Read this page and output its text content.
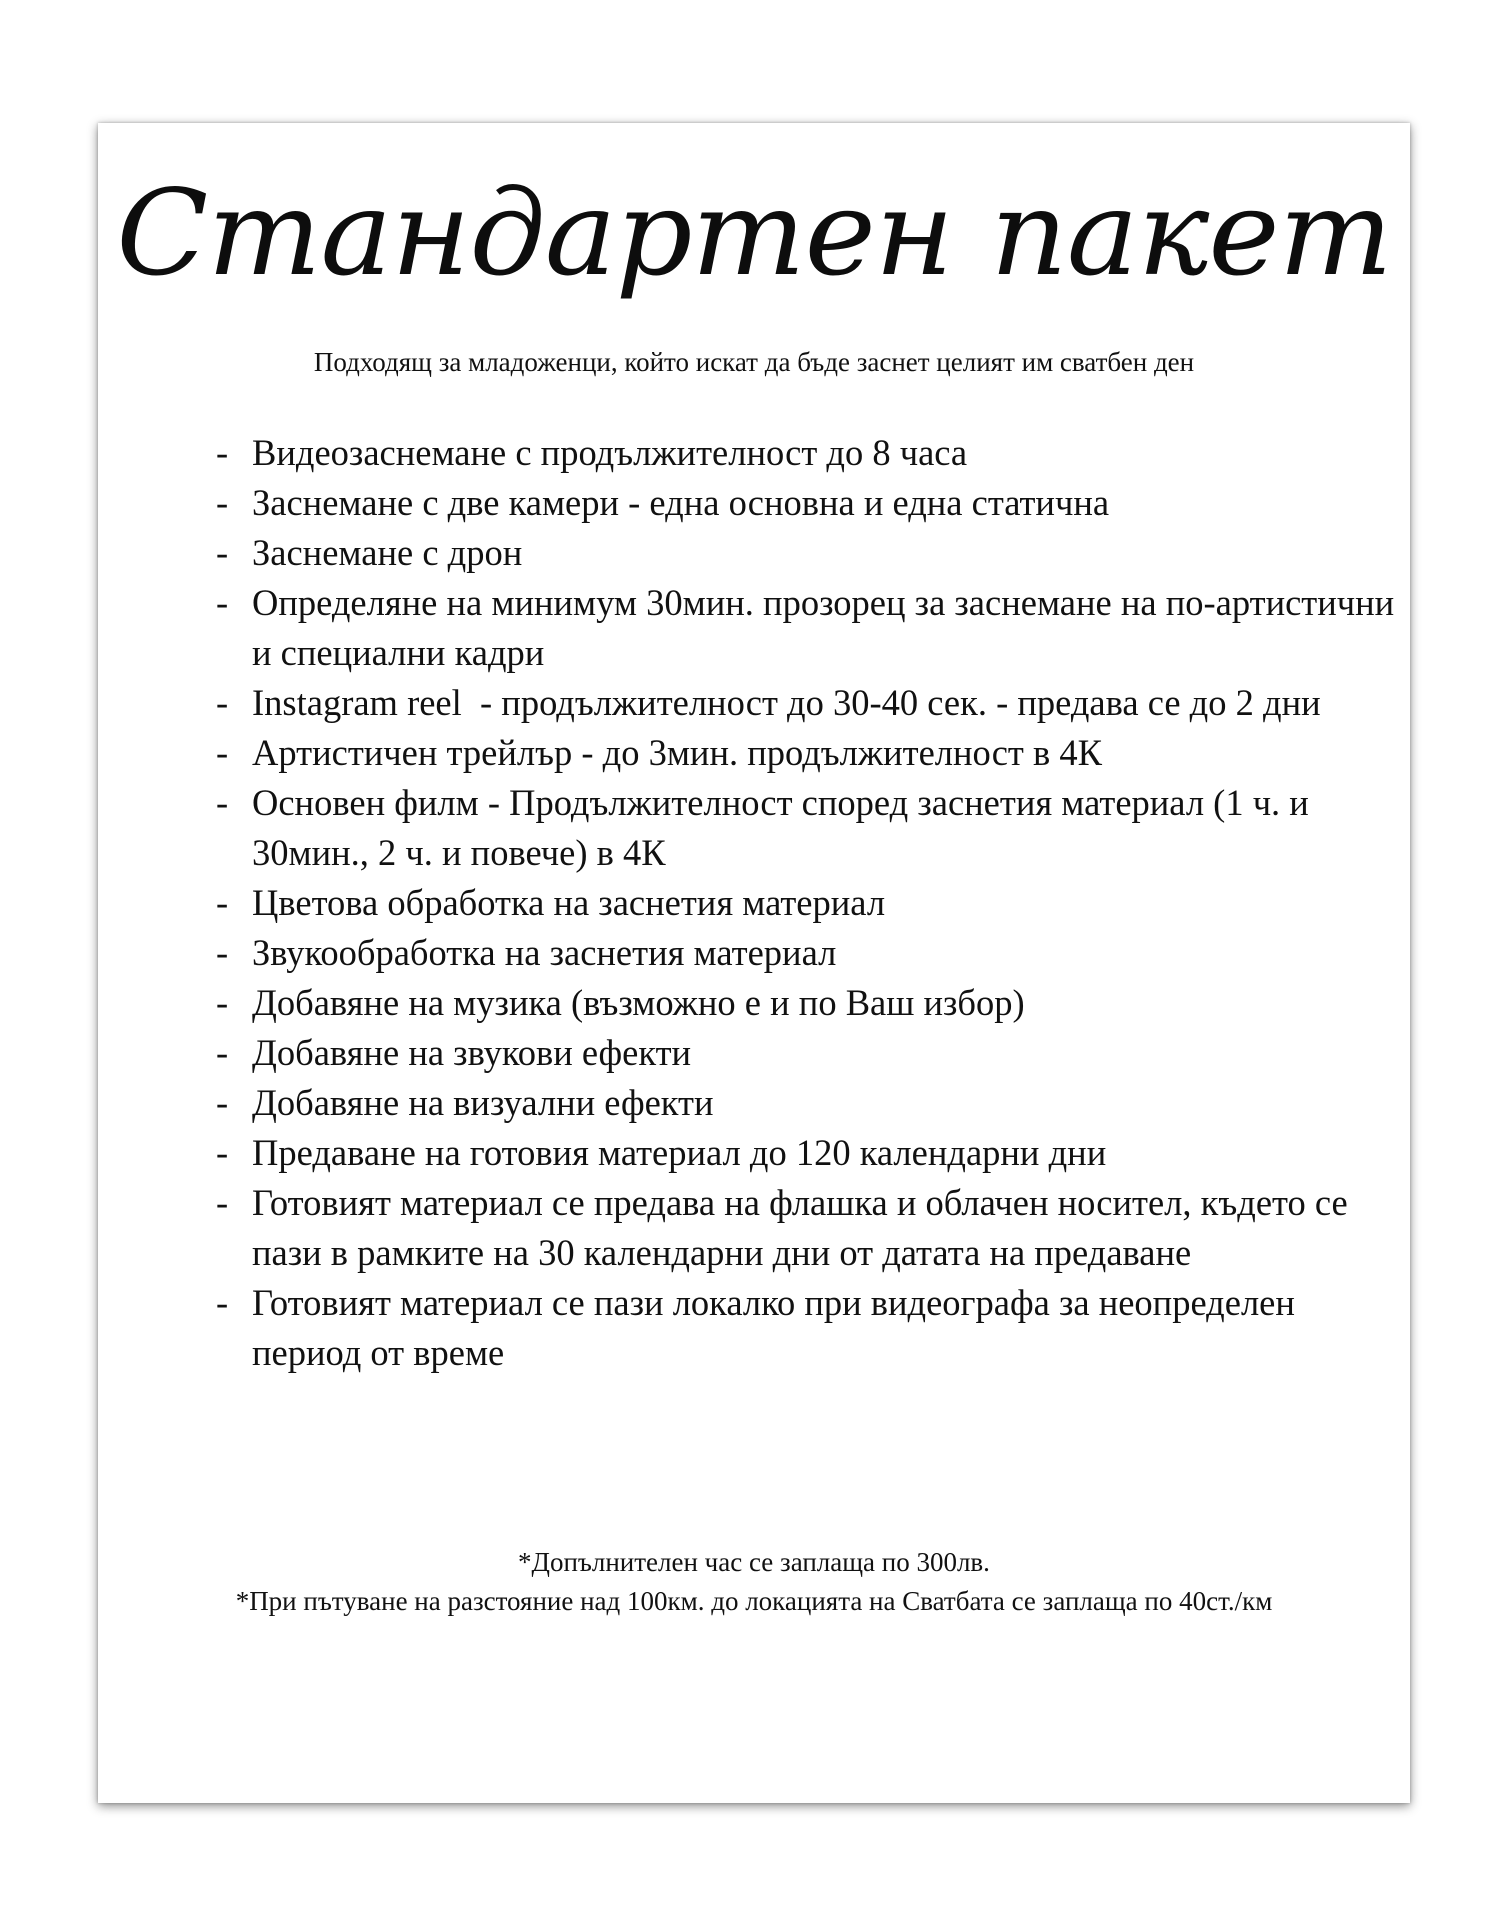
Стандартен пакет

Подходящ за младоженци, който искат да бъде заснет целият им сватбен ден

- Видеозаснемане с продължителност до 8 часа
- Заснемане с две камери - една основна и една статична
- Заснемане с дрон
- Определяне на минимум 30мин. прозорец за заснемане на по-артистични и специални кадри
- Instagram reel  - продължителност до 30-40 сек. - предава се до 2 дни
- Артистичен трейлър - до 3мин. продължителност в 4К
- Основен филм - Продължителност според заснетия материал (1 ч. и 30мин., 2 ч. и повече) в 4К
- Цветова обработка на заснетия материал
- Звукообработка на заснетия материал
- Добавяне на музика (възможно е и по Ваш избор)
- Добавяне на звукови ефекти
- Добавяне на визуални ефекти
- Предаване на готовия материал до 120 календарни дни
- Готовият материал се предава на флашка и облачен носител, където се пази в рамките на 30 календарни дни от датата на предаване
- Готовият материал се пази локалко при видеографа за неопределен период от време

*Допълнителен час се заплаща по 300лв.

*При пътуване на разстояние над 100км. до локацията на Сватбата се заплаща по 40ст./км
